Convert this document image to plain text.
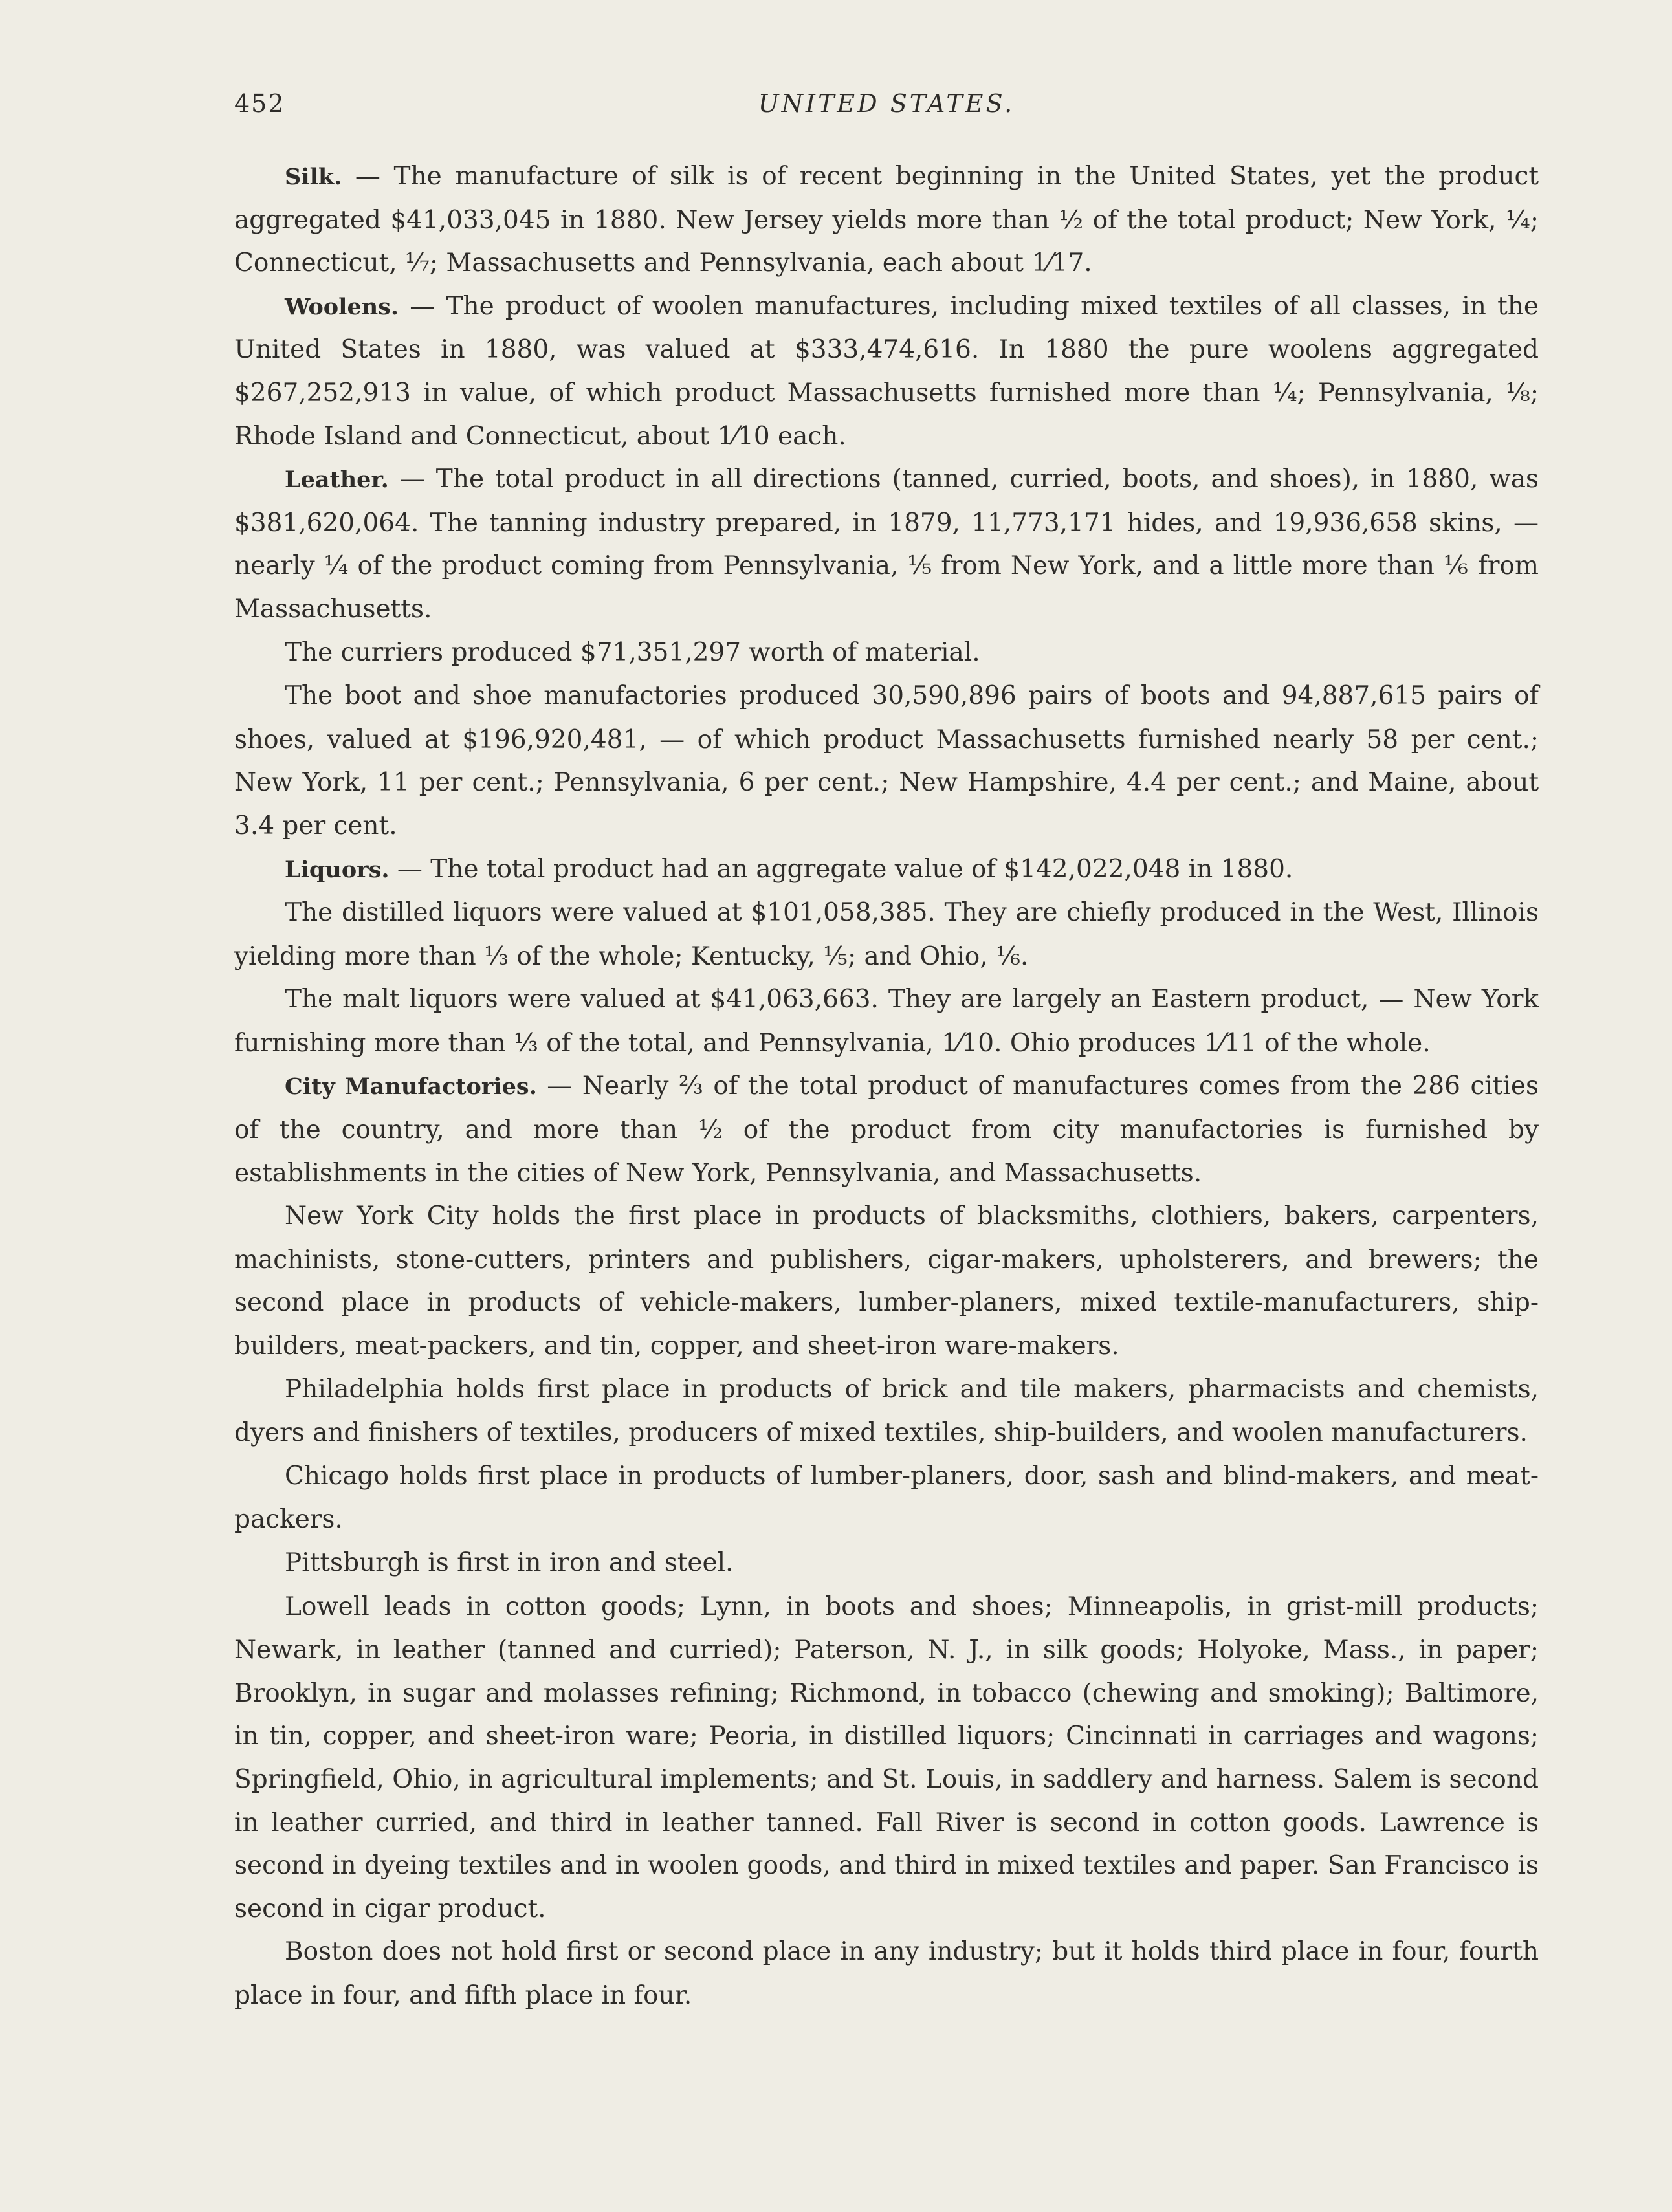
452	UNITED STATES.

Silk. — The manufacture of silk is of recent beginning in the United States, yet the product aggregated $41,033,045 in 1880. New Jersey yields more than ½ of the total product; New York, ¼; Connecticut, ⅐; Massachusetts and Pennsylvania, each about 1⁄17.

Woolens. — The product of woolen manufactures, including mixed textiles of all classes, in the United States in 1880, was valued at $333,474,616. In 1880 the pure woolens aggregated $267,252,913 in value, of which product Massachusetts furnished more than ¼; Pennsylvania, ⅛; Rhode Island and Connecticut, about 1⁄10 each.

Leather. — The total product in all directions (tanned, curried, boots, and shoes), in 1880, was $381,620,064. The tanning industry prepared, in 1879, 11,773,171 hides, and 19,936,658 skins, — nearly ¼ of the product coming from Pennsylvania, ⅕ from New York, and a little more than ⅙ from Massachusetts.

The curriers produced $71,351,297 worth of material.

The boot and shoe manufactories produced 30,590,896 pairs of boots and 94,887,615 pairs of shoes, valued at $196,920,481, — of which product Massachusetts furnished nearly 58 per cent.; New York, 11 per cent.; Pennsylvania, 6 per cent.; New Hampshire, 4.4 per cent.; and Maine, about 3.4 per cent.

Liquors. — The total product had an aggregate value of $142,022,048 in 1880.

The distilled liquors were valued at $101,058,385. They are chiefly produced in the West, Illinois yielding more than ⅓ of the whole; Kentucky, ⅕; and Ohio, ⅙.

The malt liquors were valued at $41,063,663. They are largely an Eastern product, — New York furnishing more than ⅓ of the total, and Pennsylvania, 1⁄10. Ohio produces 1⁄11 of the whole.

City Manufactories. — Nearly ⅔ of the total product of manufactures comes from the 286 cities of the country, and more than ½ of the product from city manufactories is furnished by establishments in the cities of New York, Pennsylvania, and Massachusetts.

New York City holds the first place in products of blacksmiths, clothiers, bakers, carpenters, machinists, stone-cutters, printers and publishers, cigar-makers, upholsterers, and brewers; the second place in products of vehicle-makers, lumber-planers, mixed textile-manufacturers, ship-builders, meat-packers, and tin, copper, and sheet-iron ware-makers.

Philadelphia holds first place in products of brick and tile makers, pharmacists and chemists, dyers and finishers of textiles, producers of mixed textiles, ship-builders, and woolen manufacturers.

Chicago holds first place in products of lumber-planers, door, sash and blind-makers, and meat-packers.

Pittsburgh is first in iron and steel.

Lowell leads in cotton goods; Lynn, in boots and shoes; Minneapolis, in grist-mill products; Newark, in leather (tanned and curried); Paterson, N. J., in silk goods; Holyoke, Mass., in paper; Brooklyn, in sugar and molasses refining; Richmond, in tobacco (chewing and smoking); Baltimore, in tin, copper, and sheet-iron ware; Peoria, in distilled liquors; Cincinnati in carriages and wagons; Springfield, Ohio, in agricultural implements; and St. Louis, in saddlery and harness. Salem is second in leather curried, and third in leather tanned. Fall River is second in cotton goods. Lawrence is second in dyeing textiles and in woolen goods, and third in mixed textiles and paper. San Francisco is second in cigar product.

Boston does not hold first or second place in any industry; but it holds third place in four, fourth place in four, and fifth place in four.
